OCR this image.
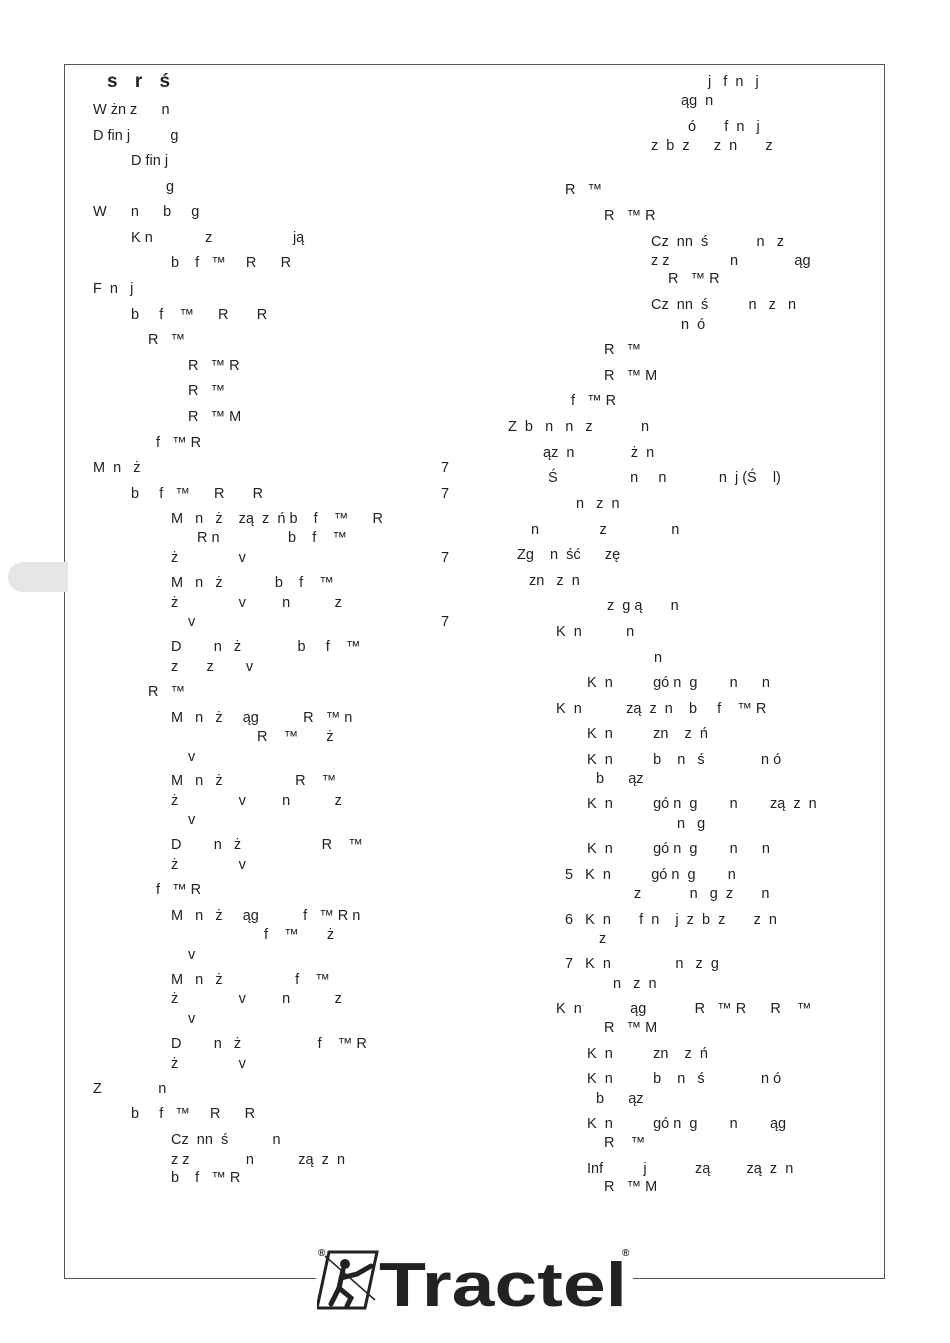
s r ś
®	®
Tractel
W żn z      n
D fin j          g
D fin j
g
W      n      b     g
K n             z                    ją
b    f   ™     R      R
F  n   j
b     f    ™      R       R
R   ™
R   ™ R
R   ™
R   ™ M
f   ™ R
M  n   ż	7
b     f   ™      R       R	7
M   n   ż    zą  z  ń b    f    ™      R
R n                 b    f    ™
ż               v	7
M   n   ż             b    f    ™
ż               v         n           z
v	7
D        n   ż              b     f    ™
z       z        v
R   ™
M   n   ż     ąg           R   ™ n
R    ™       ż
v
M   n   ż                  R    ™
ż               v         n           z
v
D        n   ż                    R    ™
ż               v
f   ™ R
M   n   ż     ąg           f   ™ R n
f    ™       ż
v
M   n   ż                  f    ™
ż               v         n           z
v
D        n   ż                   f    ™ R
ż               v
Z              n
b     f   ™     R      R
Cz  nn  ś           n
z z              n           zą  z  n
b    f   ™ R
j   f  n   j
ąg  n
ó       f  n   j
z  b  z      z  n       z
R   ™
R   ™ R
Cz  nn  ś            n   z
z z               n              ąg
R   ™ R
Cz  nn  ś          n   z   n
n  ó
R   ™
R   ™ M
f   ™ R
Z  b   n   n   z            n
ąz  n              ż  n
Ś                  n     n             n  j (Ś    l)
n   z  n
n               z                n
Zg    n  ść      zę
zn   z  n
z  g ą       n
K  n           n
n
K  n          gó n  g        n      n
K  n           zą  z  n    b     f    ™ R
K  n          zn    z  ń
K  n          b    n   ś              n ó
b      ąz
K  n          gó n  g        n        zą  z  n
n   g
K  n          gó n  g        n      n
5   K  n          gó n  g        n
z            n   g  z       n
6   K  n       f  n    j  z  b  z       z  n
z
7   K  n                n   z  g
n   z  n
K  n            ąg            R   ™ R      R    ™
R   ™ M
K  n          zn    z  ń
K  n          b    n   ś              n ó
b      ąz
K  n          gó n  g        n        ąg
R    ™
Inf          j            zą         zą  z  n
R   ™ M
